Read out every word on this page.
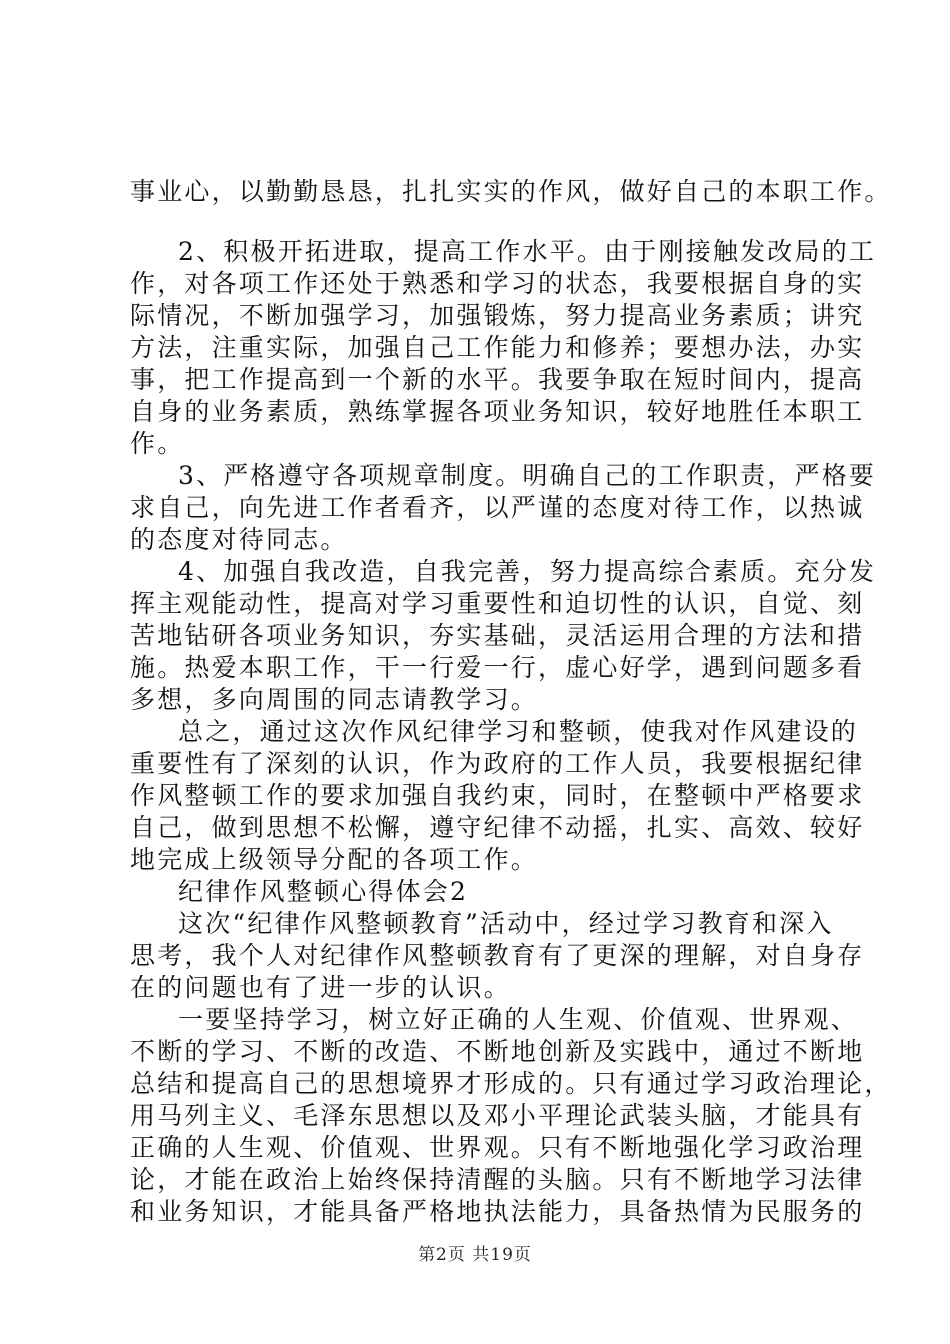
事业心，以勤勤恳恳，扎扎实实的作风，做好自己的本职工作。
2、积极开拓进取，提高工作水平。由于刚接触发改局的工
作，对各项工作还处于熟悉和学习的状态，我要根据自身的实
际情况，不断加强学习，加强锻炼，努力提高业务素质；讲究
方法，注重实际，加强自己工作能力和修养；要想办法，办实
事，把工作提高到一个新的水平。我要争取在短时间内，提高
自身的业务素质，熟练掌握各项业务知识，较好地胜任本职工
作。
3、严格遵守各项规章制度。明确自己的工作职责，严格要
求自己，向先进工作者看齐，以严谨的态度对待工作，以热诚
的态度对待同志。
4、加强自我改造，自我完善，努力提高综合素质。充分发
挥主观能动性，提高对学习重要性和迫切性的认识，自觉、刻
苦地钻研各项业务知识，夯实基础，灵活运用合理的方法和措
施。热爱本职工作，干一行爱一行，虚心好学，遇到问题多看
多想，多向周围的同志请教学习。
总之，通过这次作风纪律学习和整顿，使我对作风建设的
重要性有了深刻的认识，作为政府的工作人员，我要根据纪律
作风整顿工作的要求加强自我约束，同时，在整顿中严格要求
自己，做到思想不松懈，遵守纪律不动摇，扎实、高效、较好
地完成上级领导分配的各项工作。
纪律作风整顿心得体会2
这次“纪律作风整顿教育”活动中，经过学习教育和深入
思考，我个人对纪律作风整顿教育有了更深的理解，对自身存
在的问题也有了进一步的认识。
一要坚持学习，树立好正确的人生观、价值观、世界观、
不断的学习、不断的改造、不断地创新及实践中，通过不断地
总结和提高自己的思想境界才形成的。只有通过学习政治理论，
用马列主义、毛泽东思想以及邓小平理论武装头脑，才能具有
正确的人生观、价值观、世界观。只有不断地强化学习政治理
论，才能在政治上始终保持清醒的头脑。只有不断地学习法律
和业务知识，才能具备严格地执法能力，具备热情为民服务的
第2页 共19页
